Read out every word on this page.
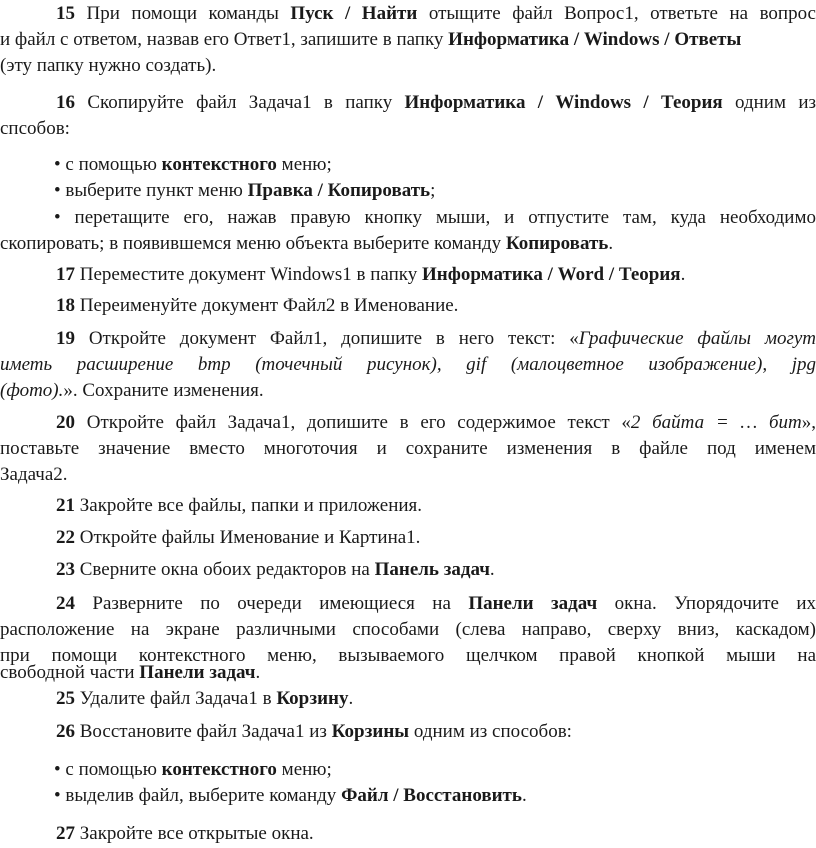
15 При помощи команды Пуск / Найти отыщите файл Вопрос1, ответьте на вопрос
и файл с ответом, назвав его Ответ1, запишите в папку Информатика / Windows / Ответы
(эту папку нужно создать).
16 Скопируйте файл Задача1 в папку Информатика / Windows / Теория одним из
спсобов:
• с помощью контекстного меню;
• выберите пункт меню Правка / Копировать;
• перетащите его, нажав правую кнопку мыши, и отпустите там, куда необходимо
скопировать; в появившемся меню объекта выберите команду Копировать.
17 Переместите документ Windows1 в папку Информатика / Word / Теория.
18 Переименуйте документ Файл2 в Именование.
19 Откройте документ Файл1, допишите в него текст: «Графические файлы могут
иметь расширение bmp (точечный рисунок), gif (малоцветное изображение), jpg
(фото).». Сохраните изменения.
20 Откройте файл Задача1, допишите в его содержимое текст «2 байта = … бит»,
поставьте значение вместо многоточия и сохраните изменения в файле под именем
Задача2.
21 Закройте все файлы, папки и приложения.
22 Откройте файлы Именование и Картина1.
23 Сверните окна обоих редакторов на Панель задач.
24 Разверните по очереди имеющиеся на Панели задач окна. Упорядочите их
расположение на экране различными способами (слева направо, сверху вниз, каскадом)
при помощи контекстного меню, вызываемого щелчком правой кнопкой мыши на
свободной части Панели задач.
25 Удалите файл Задача1 в Корзину.
26 Восстановите файл Задача1 из Корзины одним из способов:
• с помощью контекстного меню;
• выделив файл, выберите команду Файл / Восстановить.
27 Закройте все открытые окна.
